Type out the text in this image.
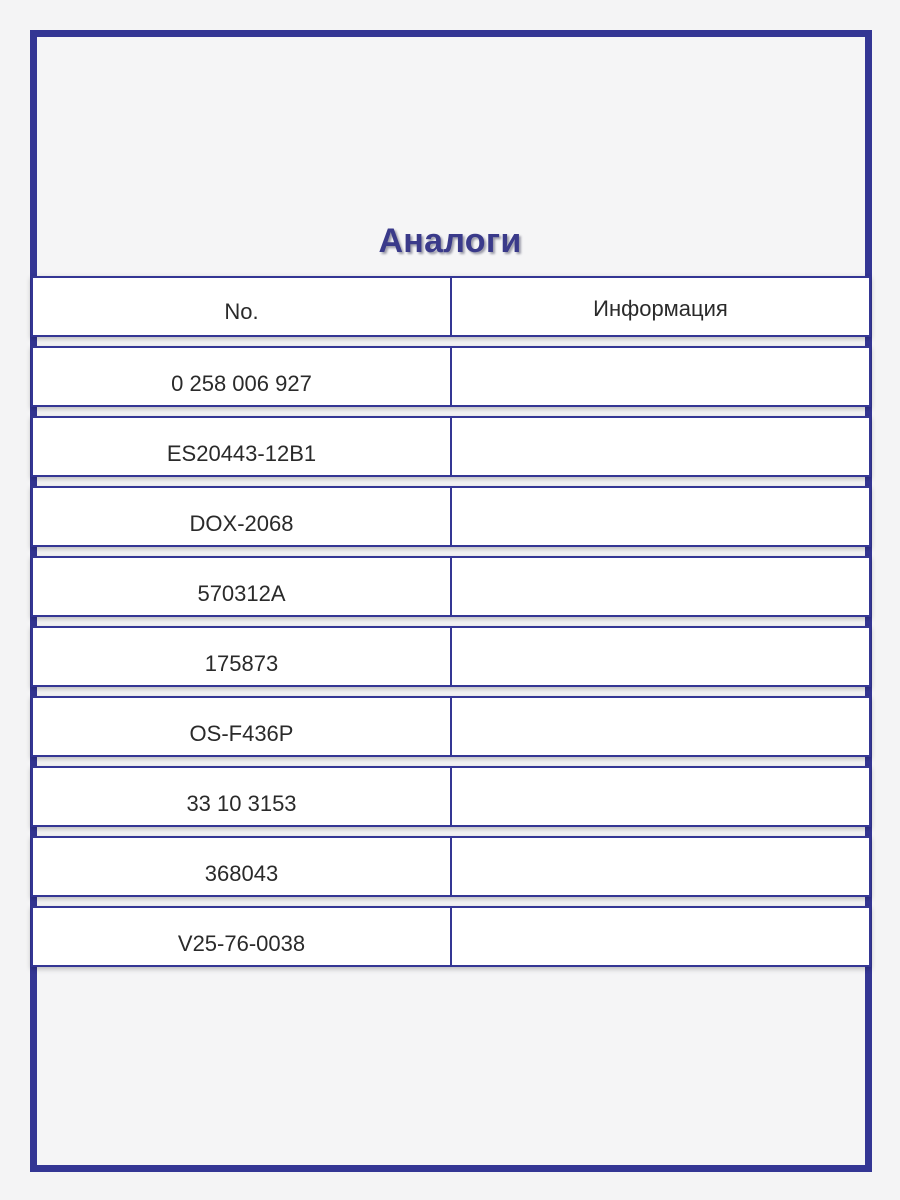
Аналоги
No.	Информация
0 258 006 927
ES20443-12B1
DOX-2068
570312A
175873
OS-F436P
33 10 3153
368043
V25-76-0038
